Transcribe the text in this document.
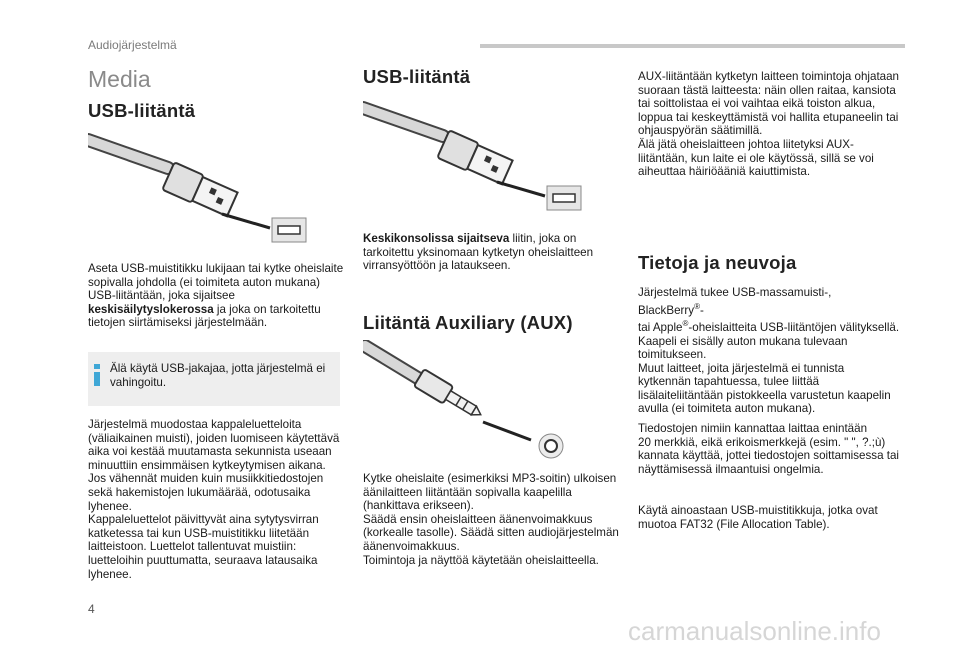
Audiojärjestelmä
Media
USB-liitäntä

Aseta USB-muistitikku lukijaan tai kytke oheislaite sopivalla johdolla (ei toimiteta auton mukana) USB-liitäntään, joka sijaitsee keskisäilytyslokerossa ja joka on tarkoitettu tietojen siirtämiseksi järjestelmään.

Älä käytä USB-jakajaa, jotta järjestelmä ei vahingoitu.

Järjestelmä muodostaa kappaleluetteloita (väliaikainen muisti), joiden luomiseen käytettävä aika voi kestää muutamasta sekunnista useaan minuuttiin ensimmäisen kytkeytymisen aikana.
Jos vähennät muiden kuin musiikkitiedostojen sekä hakemistojen lukumäärää, odotusaika lyhenee.
Kappaleluettelot päivittyvät aina sytytysvirran katketessa tai kun USB-muistitikku liitetään laitteistoon. Luettelot tallentuvat muistiin: luetteloihin puuttumatta, seuraava latausaika lyhenee.

USB-liitäntä

Keskikonsolissa sijaitseva liitin, joka on tarkoitettu yksinomaan kytketyn oheislaitteen virransyöttöön ja lataukseen.

Liitäntä Auxiliary (AUX)

Kytke oheislaite (esimerkiksi MP3-soitin) ulkoisen äänilaitteen liitäntään sopivalla kaapelilla (hankittava erikseen).
Säädä ensin oheislaitteen äänenvoimakkuus (korkealle tasolle). Säädä sitten audiojärjestelmän äänenvoimakkuus.
Toimintoja ja näyttöä käytetään oheislaitteella.

AUX-liitäntään kytketyn laitteen toimintoja ohjataan suoraan tästä laitteesta: näin ollen raitaa, kansiota tai soittolistaa ei voi vaihtaa eikä toiston alkua, loppua tai keskeyttämistä voi hallita etupaneelin tai ohjauspyörän säätimillä.
Älä jätä oheislaitteen johtoa liitetyksi AUX-liitäntään, kun laite ei ole käytössä, sillä se voi aiheuttaa häiriöääniä kaiuttimista.

Tietoja ja neuvoja

Järjestelmä tukee USB-massamuisti-, BlackBerry®-
tai Apple®-oheislaitteita USB-liitäntöjen välityksellä. Kaapeli ei sisälly auton mukana tulevaan toimitukseen.
Muut laitteet, joita järjestelmä ei tunnista kytkennän tapahtuessa, tulee liittää lisälaiteliitäntään pistokkeella varustetun kaapelin avulla (ei toimiteta auton mukana).

Tiedostojen nimiin kannattaa laittaa enintään
20 merkkiä, eikä erikoismerkkejä (esim. " ", ?.;ù)
kannata käyttää, jottei tiedostojen soittamisessa tai näyttämisessä ilmaantuisi ongelmia.

Käytä ainoastaan USB-muistitikkuja, jotka ovat muotoa FAT32 (File Allocation Table).

4
carmanualsonline.info
